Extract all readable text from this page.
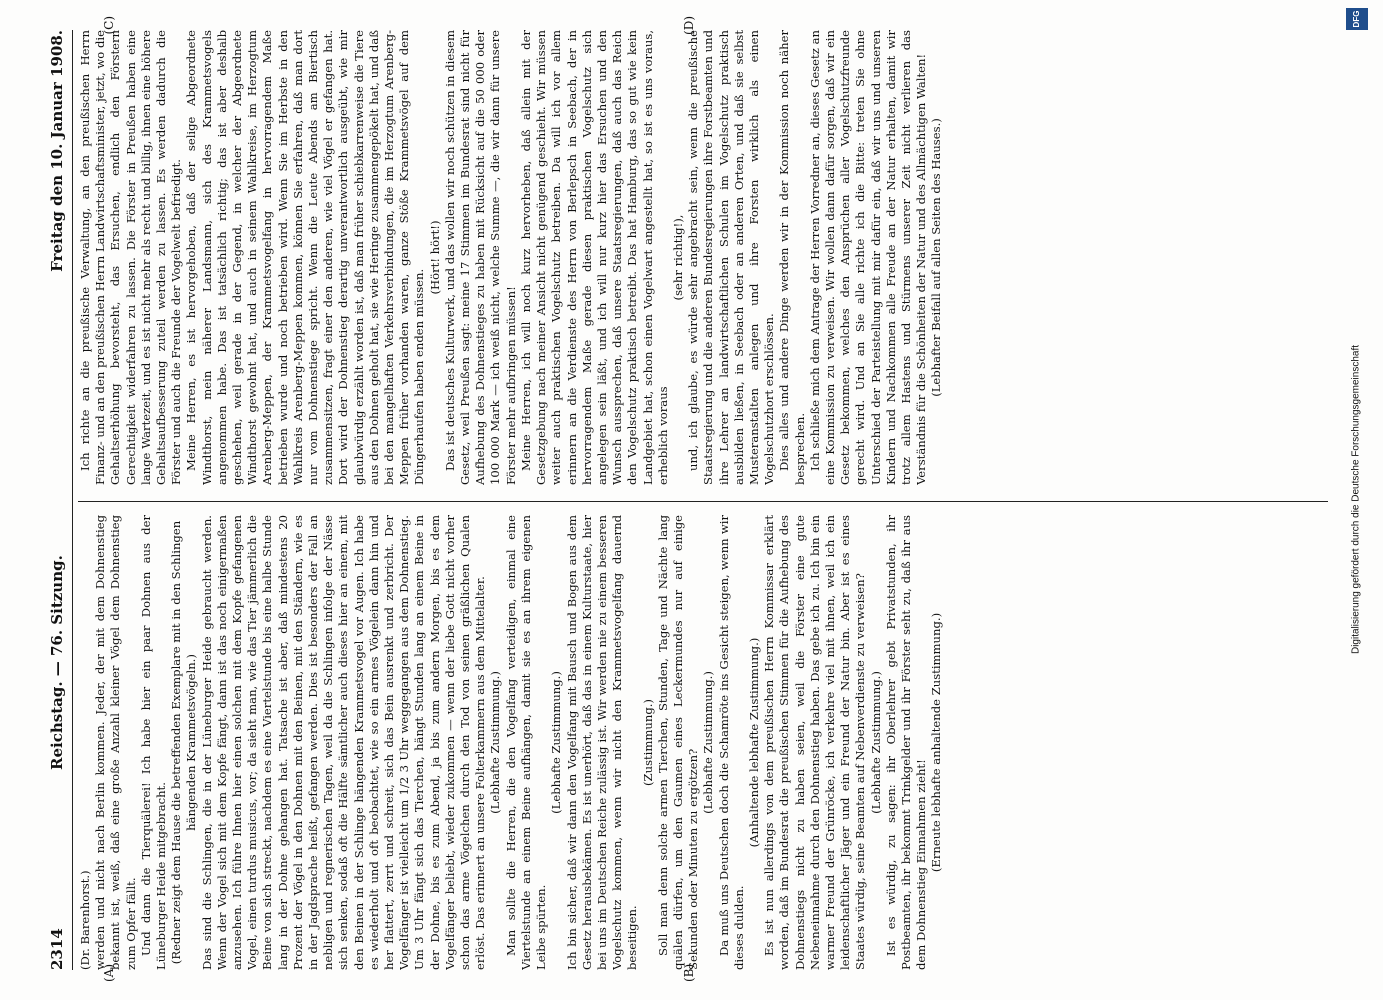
2314
Reichstag. — 76. Sitzung.
Freitag den 10. Januar 1908.

(Dr. Barenhorst.) werden und nicht nach Berlin kommen. Jeder, der mit dem Dohnenstieg bekannt ist, weiß, daß eine große Anzahl kleiner Vögel dem Dohnenstieg zum Opfer fällt. Und dann die Tierquälerei! Ich habe hier ein paar Dohnen aus der Lüneburger Heide mitgebracht. (Redner zeigt dem Hause die betreffenden Exemplare mit in den Schlingen hängenden Krammetsvögeln.) Das sind die Schlingen, die in der Lüneburger Heide gebraucht werden. Wenn der Vogel sich mit dem Kopfe fängt, dann ist das noch einigermaßen anzusehen. Ich führe Ihnen hier einen solchen mit dem Kopfe gefangenen Vogel, einen turdus musicus, vor; da sieht man, wie das Tier jämmerlich die Beine von sich streckt, nachdem es eine Viertelstunde bis eine halbe Stunde lang in der Dohne gehangen hat. Tatsache ist aber, daß mindestens 20 Prozent der Vögel in den Dohnen mit den Beinen, mit den Ständern, wie es in der Jagdsprache heißt, gefangen werden. Dies ist besonders der Fall an nebligen und regnerischen Tagen, weil da die Schlingen infolge der Nässe sich senken, sodaß oft die Hälfte sämtlicher auch dieses hier an einem, mit den Beinen in der Schlinge hängenden Krammetsvogel vor Augen. Ich habe es wiederholt und oft beobachtet, wie so ein armes Vögelein dann hin und her flattert, zerrt und schreit, sich das Bein ausrenkt und zerbricht. Der Vogelfänger ist vielleicht um 1/2 3 Uhr weggegangen aus dem Dohnenstieg. Um 3 Uhr fängt sich das Tierchen, hängt Stunden lang an einem Beine in der Dohne, bis es zum Abend, ja bis zum andern Morgen, bis es dem Vogelfänger beliebt, wieder zukommen — wenn der liebe Gott nicht vorher schon das arme Vögelchen durch den Tod von seinen gräßlichen Qualen erlöst. Das erinnert an unsere Folterkammern aus dem Mittelalter. (Lebhafte Zustimmung.) Man sollte die Herren, die den Vogelfang verteidigen, einmal eine Viertelstunde an einem Beine aufhängen, damit sie es an ihrem eigenen Leibe spürten.

(Lebhafte Zustimmung.) Ich bin sicher, daß wir dann den Vogelfang mit Bausch und Bogen aus dem Gesetz herausbekämen. Es ist unerhört, daß das in einem Kulturstaate, hier bei uns im Deutschen Reiche zulässig ist. Wir werden nie zu einem besseren Vogelschutz kommen, wenn wir nicht den Krammetsvogelfang dauernd beseitigen.

(Zustimmung.) Soll man denn solche armen Tierchen, Stunden, Tage und Nächte lang quälen dürfen, um den Gaumen eines Leckermundes nur auf einige Sekunden oder Minuten zu ergötzen?

(Lebhafte Zustimmung.) Da muß uns Deutschen doch die Schamröte ins Gesicht steigen, wenn wir dieses dulden.

(Anhaltende lebhafte Zustimmung.) Es ist nun allerdings von dem preußischen Herrn Kommissar erklärt worden, daß im Bundesrat die preußischen Stimmen für die Aufhebung des Dohnenstiegs nicht zu haben seien, weil die Förster eine gute Nebeneinnahme durch den Dohnenstieg haben. Das gebe ich zu. Ich bin ein warmer Freund der Grünröcke, ich verkehre viel mit ihnen, weil ich ein leidenschaftlicher Jäger und ein Freund der Natur bin. Aber ist es eines Staates würdig, seine Beamten auf Nebenverdienste zu verweisen? (Lebhafte Zustimmung.) Ist es würdig, zu sagen: ihr Oberlehrer gebt Privatstunden, ihr Postbeamten, ihr bekommt Trinkgelder und ihr Förster seht zu, daß ihr aus dem Dohnenstieg Einnahmen zieht! (Erneute lebhafte anhaltende Zustimmung.)

Ich richte an die preußische Verwaltung, an den preußischen Herrn Finanz- und an den preußischen Herrn Landwirtschaftsminister, jetzt, wo die Gehaltserhöhung bevorsteht, das Ersuchen, endlich den Förstern Gerechtigkeit widerfahren zu lassen. Die Förster in Preußen haben eine lange Wartezeit, und es ist nicht mehr als recht und billig, ihnen eine höhere Gehaltsaufbesserung zuteil werden zu lassen. Es werden dadurch die Förster und auch die Freunde der Vogelwelt befriedigt. Meine Herren, es ist hervorgehoben, daß der selige Abgeordnete Windthorst, mein näherer Landsmann, sich des Krammetsvogels angenommen habe. Das ist tatsächlich richtig; das ist aber deshalb geschehen, weil gerade in der Gegend, in welcher der Abgeordnete Windthorst gewohnt hat, und auch in seinem Wahlkreise, im Herzogtum Arenberg-Meppen, der Krammetsvogelfang in hervorragendem Maße betrieben wurde und noch betrieben wird. Wenn Sie im Herbste in den Wahlkreis Arenberg-Meppen kommen, können Sie erfahren, daß man dort nur vom Dohnenstiege spricht. Wenn die Leute Abends am Biertisch zusammensitzen, fragt einer den anderen, wie viel Vögel er gefangen hat. Dort wird der Dohnenstieg derartig unverantwortlich ausgeübt, wie mir glaubwürdig erzählt worden ist, daß man früher schiebkarrenweise die Tiere aus den Dohnen geholt hat, sie wie Heringe zusammengepökelt hat, und daß bei den mangelhaften Verkehrsverbindungen, die im Herzogtum Arenberg-Meppen früher vorhanden waren, ganze Stöße Krammetsvögel auf dem Düngerhaufen haben enden müssen.

(Hört! hört!) Das ist deutsches Kulturwerk, und das wollen wir noch schützen in diesem Gesetz, weil Preußen sagt: meine 17 Stimmen im Bundesrat sind nicht für Aufhebung des Dohnenstieges zu haben mit Rücksicht auf die 50 000 oder 100 000 Mark — ich weiß nicht, welche Summe —, die wir dann für unsere Förster mehr aufbringen müssen! Meine Herren, ich will noch kurz hervorheben, daß allein mit der Gesetzgebung nach meiner Ansicht nicht genügend geschieht. Wir müssen weiter auch praktischen Vogelschutz betreiben. Da will ich vor allem erinnern an die Verdienste des Herrn von Berlepsch in Seebach, der in hervorragendem Maße gerade diesen praktischen Vogelschutz sich angelegen sein läßt, und ich will nur kurz hier das Ersuchen und den Wunsch aussprechen, daß unsere Staatsregierungen, daß auch das Reich den Vogelschutz praktisch betreibt. Das hat Hamburg, das so gut wie kein Landgebiet hat, schon einen Vogelwart angestellt hat, so ist es uns voraus, erheblich voraus

(sehr richtig!), und, ich glaube, es würde sehr angebracht sein, wenn die preußische Staatsregierung und die anderen Bundesregierungen ihre Forstbeamten und ihre Lehrer an landwirtschaftlichen Schulen im Vogelschutz praktisch ausbilden ließen, in Seebach oder an anderen Orten, und daß sie selbst Musteranstalten anlegen und ihre Forsten wirklich als einen Vogelschutzhort erschlössen. Dies alles und andere Dinge werden wir in der Kommission noch näher besprechen. Ich schließe mich dem Antrage der Herren Vorredner an, dieses Gesetz an eine Kommission zu verweisen. Wir wollen dann dafür sorgen, daß wir ein Gesetz bekommen, welches den Ansprüchen aller Vogelschutzfreunde gerecht wird. Und an Sie alle richte ich die Bitte: treten Sie ohne Unterschied der Parteistellung mit mir dafür ein, daß wir uns und unseren Kindern und Nachkommen alle Freude an der Natur erhalten, damit wir trotz allem Hastens und Stürmens unserer Zeit nicht verlieren das Verständnis für die Schönheiten der Natur und des Allmächtigen Walten! (Lebhafter Beifall auf allen Seiten des Hauses.)

(A)	(B)
(C)	(D)	DFG
Digitalisierung gefördert durch die Deutsche Forschungsgemeinschaft
